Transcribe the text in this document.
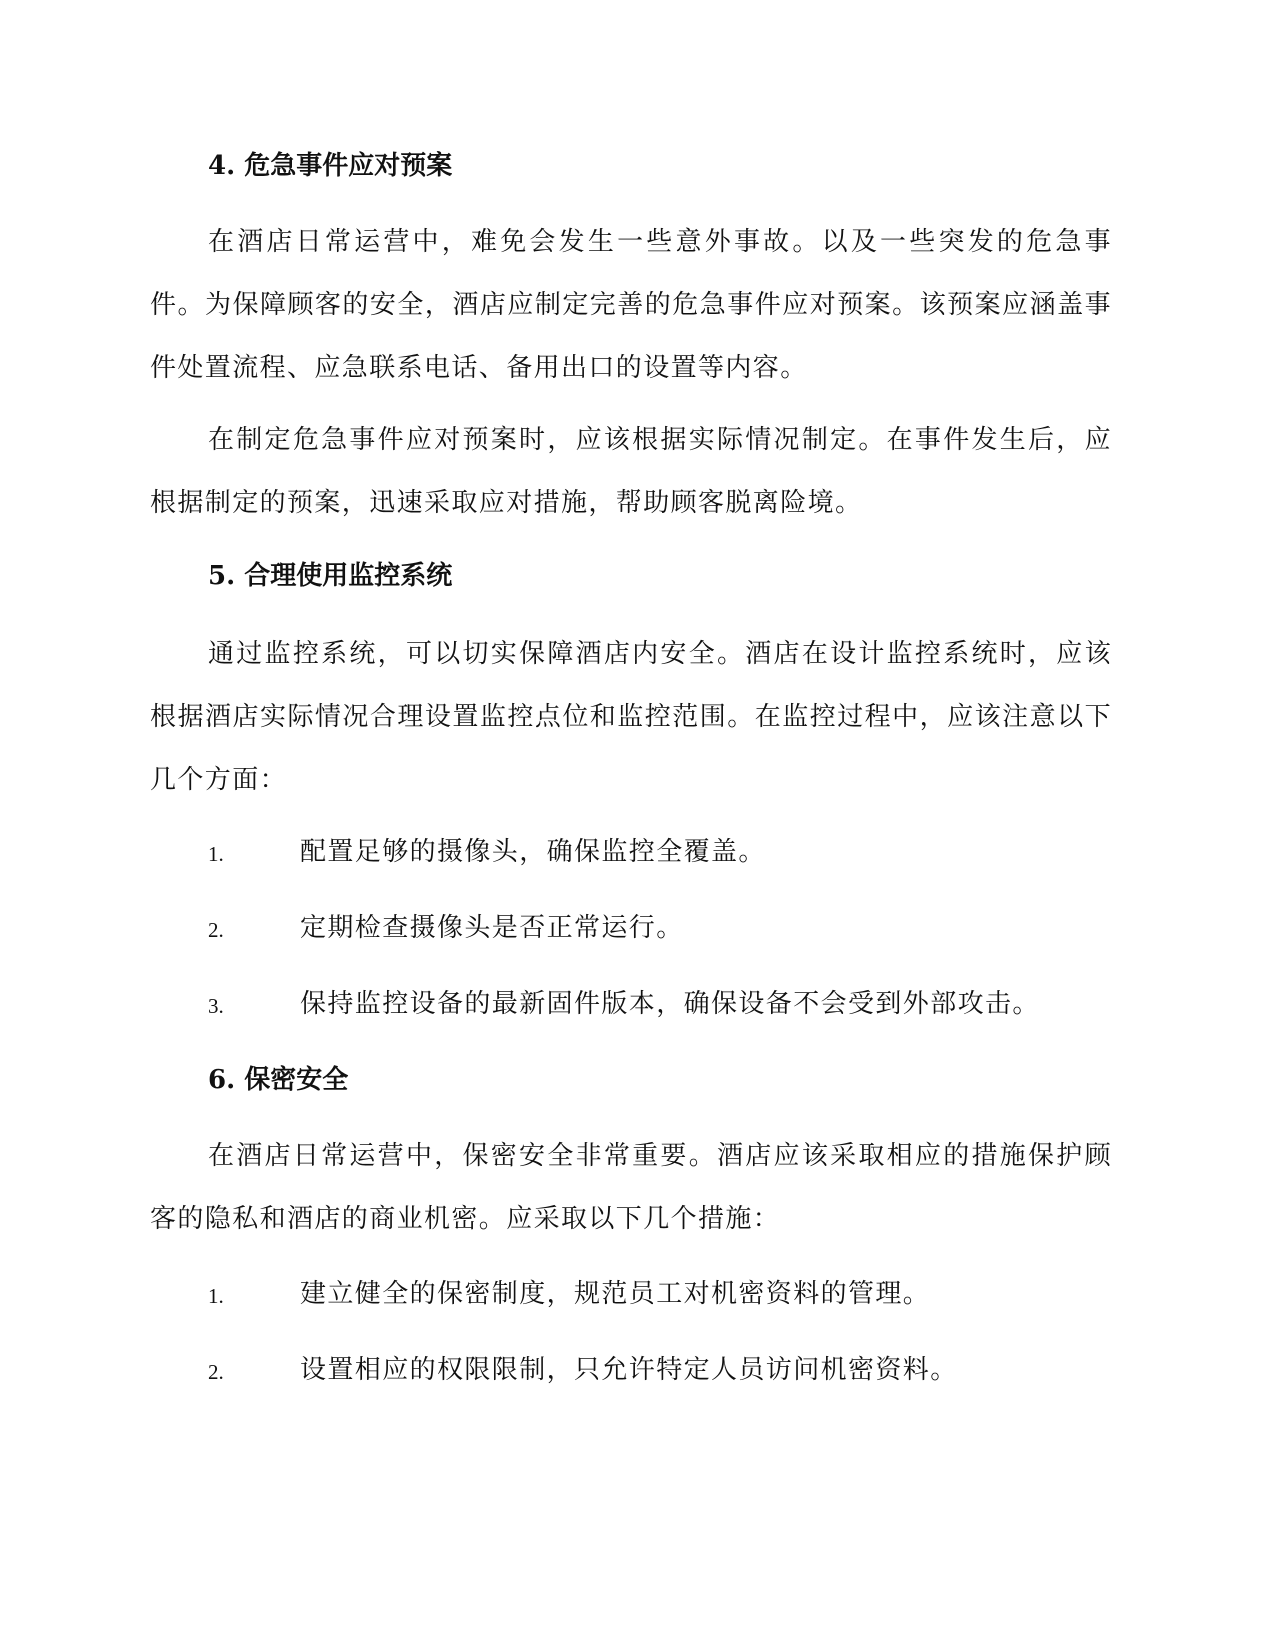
4. 危急事件应对预案
在酒店日常运营中，难免会发生一些意外事故。以及一些突发的危急事件。为保障顾客的安全，酒店应制定完善的危急事件应对预案。该预案应涵盖事件处置流程、应急联系电话、备用出口的设置等内容。
在制定危急事件应对预案时，应该根据实际情况制定。在事件发生后，应根据制定的预案，迅速采取应对措施，帮助顾客脱离险境。
5. 合理使用监控系统
通过监控系统，可以切实保障酒店内安全。酒店在设计监控系统时，应该根据酒店实际情况合理设置监控点位和监控范围。在监控过程中，应该注意以下几个方面：
1.	配置足够的摄像头，确保监控全覆盖。
2.	定期检查摄像头是否正常运行。
3.	保持监控设备的最新固件版本，确保设备不会受到外部攻击。
6. 保密安全
在酒店日常运营中，保密安全非常重要。酒店应该采取相应的措施保护顾客的隐私和酒店的商业机密。应采取以下几个措施：
1.	建立健全的保密制度，规范员工对机密资料的管理。
2.	设置相应的权限限制，只允许特定人员访问机密资料。
